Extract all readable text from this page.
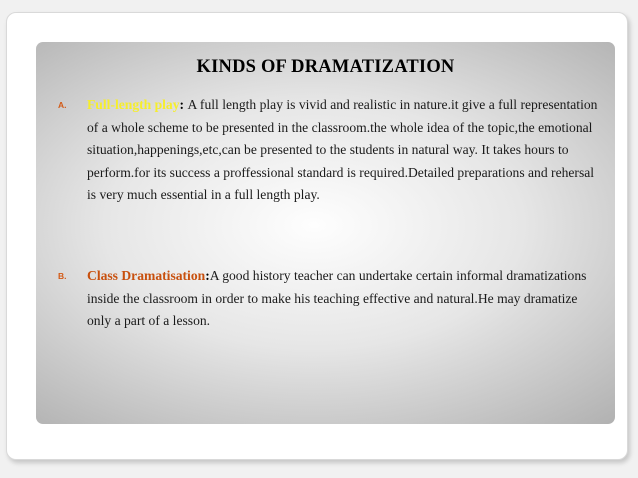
KINDS OF DRAMATIZATION
A. Full-length play: A full length play is vivid and realistic in nature.it give a full representation of a whole scheme to be presented in the classroom.the whole idea of the topic,the emotional situation,happenings,etc,can be presented to the students in natural way. It takes hours to perform.for its success a proffessional standard is required.Detailed preparations and rehersal is very much essential in a full length play.
B. Class Dramatisation:A good history teacher can undertake certain informal dramatizations inside the classroom in order to make his teaching effective and natural.He may dramatize only a part of a lesson.
